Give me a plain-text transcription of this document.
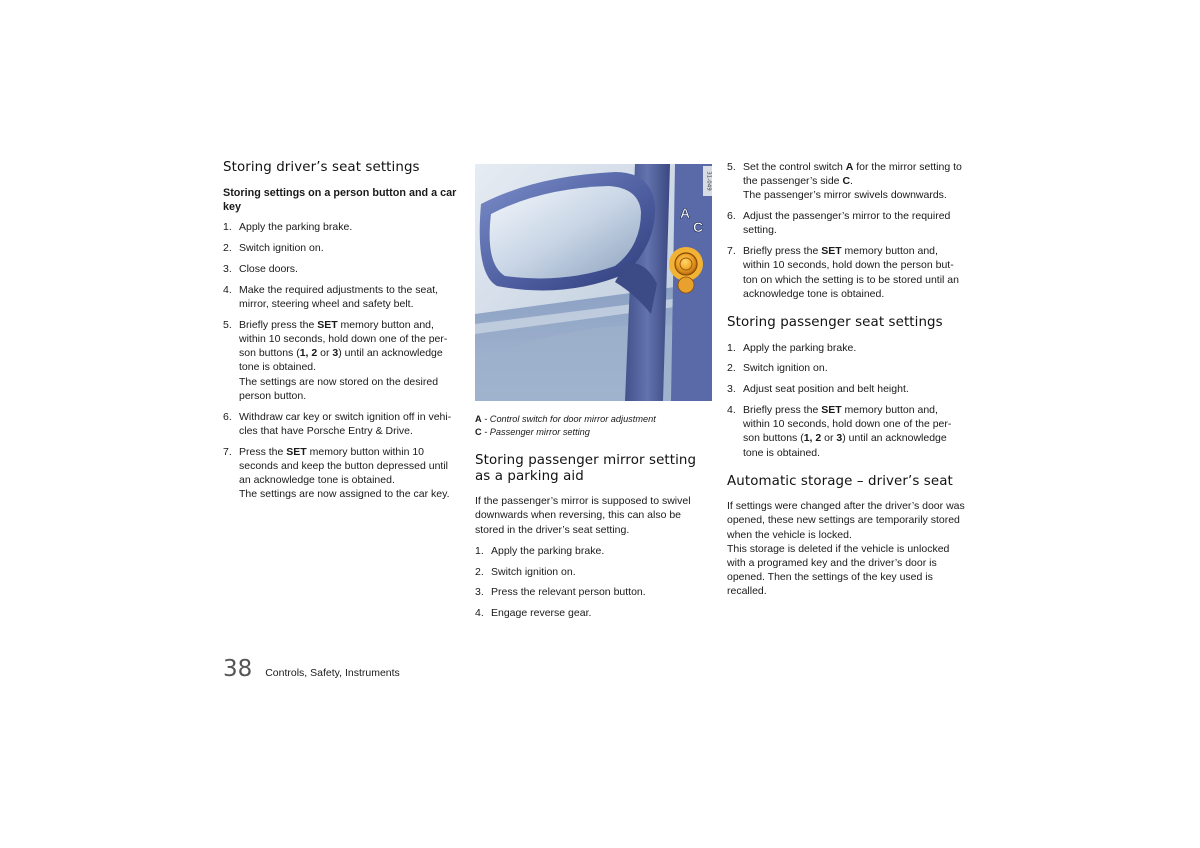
Storing driver’s seat settings
Storing settings on a person button and a car key
1. Apply the parking brake.
2. Switch ignition on.
3. Close doors.
4. Make the required adjustments to the seat, mirror, steering wheel and safety belt.
5. Briefly press the SET memory button and, within 10 seconds, hold down one of the per-son buttons (1, 2 or 3) until an acknowledge tone is obtained.
The settings are now stored on the desired person button.
6. Withdraw car key or switch ignition off in vehi-cles that have Porsche Entry & Drive.
7. Press the SET memory button within 10 seconds and keep the button depressed until an acknowledge tone is obtained.
The settings are now assigned to the car key.
31-049
A
C
A - Control switch for door mirror adjustment
C - Passenger mirror setting
Storing passenger mirror setting as a parking aid

If the passenger’s mirror is supposed to swivel downwards when reversing, this can also be stored in the driver’s seat setting.

1. Apply the parking brake.
2. Switch ignition on.
3. Press the relevant person button.
4. Engage reverse gear.
5. Set the control switch A for the mirror setting to the passenger’s side C.
The passenger’s mirror swivels downwards.
6. Adjust the passenger’s mirror to the required setting.
7. Briefly press the SET memory button and, within 10 seconds, hold down the person but-ton on which the setting is to be stored until an acknowledge tone is obtained.
Storing passenger seat settings
1. Apply the parking brake.
2. Switch ignition on.
3. Adjust seat position and belt height.
4. Briefly press the SET memory button and, within 10 seconds, hold down one of the per-son buttons (1, 2 or 3) until an acknowledge tone is obtained.
Automatic storage – driver’s seat

If settings were changed after the driver’s door was opened, these new settings are temporarily stored when the vehicle is locked.

This storage is deleted if the vehicle is unlocked with a programed key and the driver’s door is opened. Then the settings of the key used is recalled.

38 Controls, Safety, Instruments
